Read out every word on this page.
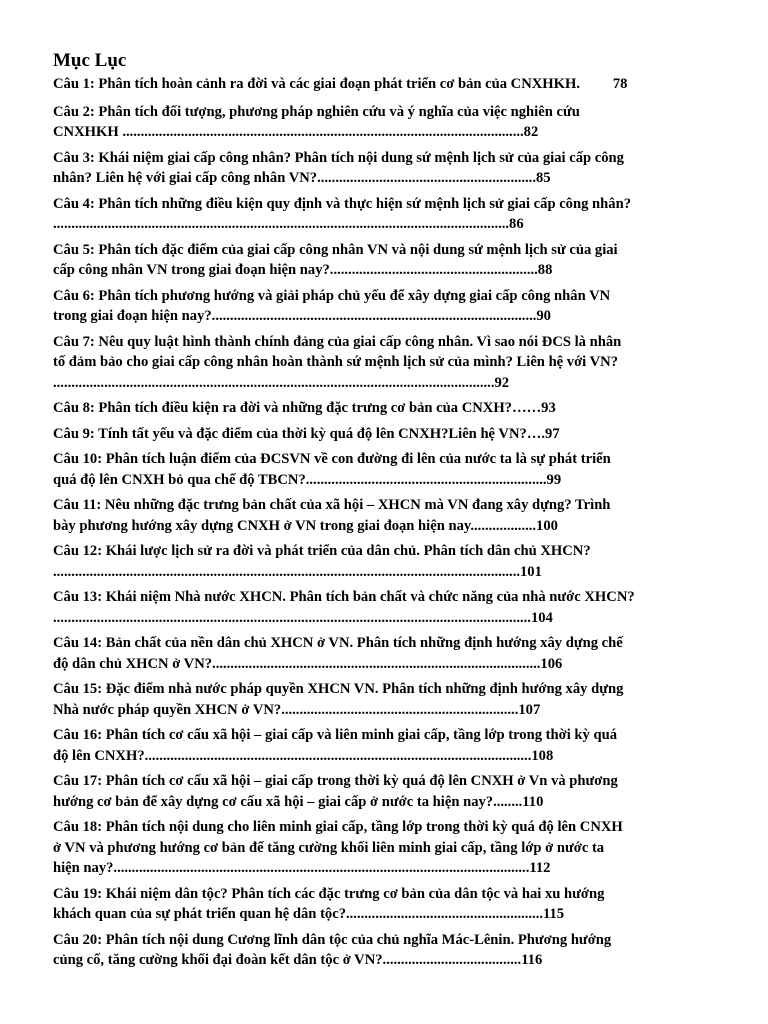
Mục Lục
Câu 1: Phân tích hoàn cảnh ra đời và các giai đoạn phát triển cơ bản của CNXHKH.         78
Câu 2: Phân tích đối tượng, phương pháp nghiên cứu và ý nghĩa của việc nghiên cứu
CNXHKH ..............................................................................................................82
Câu 3: Khái niệm giai cấp công nhân? Phân tích nội dung sứ mệnh lịch sử của giai cấp công
nhân? Liên hệ với giai cấp công nhân VN?............................................................85
Câu 4: Phân tích những điều kiện quy định và thực hiện sứ mệnh lịch sử giai cấp công nhân?
.............................................................................................................................86
Câu 5: Phân tích đặc điểm của giai cấp công nhân VN và nội dung sứ mệnh lịch sử của giai
cấp công nhân VN trong giai đoạn hiện nay?.........................................................88
Câu 6: Phân tích phương hướng và giải pháp chủ yếu để xây dựng giai cấp công nhân VN
trong giai đoạn hiện nay?.........................................................................................90
Câu 7: Nêu quy luật hình thành chính đảng của giai cấp công nhân. Vì sao nói ĐCS là nhân
tố đảm bảo cho giai cấp công nhân hoàn thành sứ mệnh lịch sử của mình? Liên hệ với VN?
.........................................................................................................................92
Câu 8: Phân tích điều kiện ra đời và những đặc trưng cơ bản của CNXH?……93
Câu 9: Tính tất yếu và đặc điểm của thời kỳ quá độ lên CNXH?Liên hệ VN?….97
Câu 10: Phân tích luận điểm của ĐCSVN về con đường đi lên của nước ta là sự phát triển
quá độ lên CNXH bỏ qua chế độ TBCN?..................................................................99
Câu 11: Nêu những đặc trưng bản chất của xã hội – XHCN mà VN đang xây dựng? Trình
bày phương hướng xây dựng CNXH ở VN trong giai đoạn hiện nay..................100
Câu 12: Khái lược lịch sử ra đời và phát triển của dân chủ. Phân tích dân chủ XHCN?
................................................................................................................................101
Câu 13: Khái niệm Nhà nước XHCN. Phân tích bản chất và chức năng của nhà nước XHCN?
...................................................................................................................................104
Câu 14: Bản chất của nền dân chủ XHCN ở VN. Phân tích những định hướng xây dựng chế
độ dân chủ XHCN ở VN?..........................................................................................106
Câu 15: Đặc điểm nhà nước pháp quyền XHCN VN. Phân tích những định hướng xây dựng
Nhà nước pháp quyền XHCN ở VN?.................................................................107
Câu 16: Phân tích cơ cấu xã hội – giai cấp và liên minh giai cấp, tầng lớp trong thời kỳ quá
độ lên CNXH?..........................................................................................................108
Câu 17: Phân tích cơ cấu xã hội – giai cấp trong thời kỳ quá độ lên CNXH ở Vn và phương
hướng cơ bản để xây dựng cơ cấu xã hội – giai cấp ở nước ta hiện nay?........110
Câu 18: Phân tích nội dung cho liên minh giai cấp, tầng lớp trong thời kỳ quá độ lên CNXH
ở VN và phương hướng cơ bản để tăng cường khối liên minh giai cấp, tầng lớp ở nước ta
hiện nay?..................................................................................................................112
Câu 19: Khái niệm dân tộc? Phân tích các đặc trưng cơ bản của dân tộc và hai xu hướng
khách quan của sự phát triển quan hệ dân tộc?......................................................115
Câu 20: Phân tích nội dung Cương lĩnh dân tộc của chủ nghĩa Mác-Lênin. Phương hướng
củng cố, tăng cường khối đại đoàn kết dân tộc ở VN?......................................116
